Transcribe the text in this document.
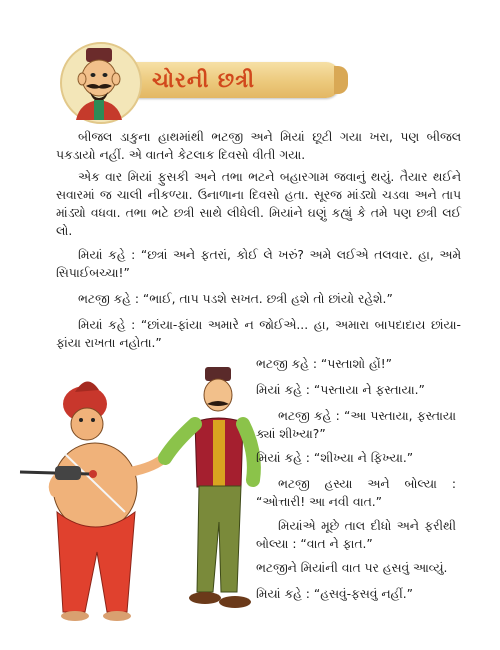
ચોરની છત્રી

બીજલ ડાકુના હાથમાંથી ભટજી અને મિયાં છૂટી ગયા ખરા, પણ બીજલ પકડાયો નહીં. એ વાતને કેટલાક દિવસો વીતી ગયા.

એક વાર મિયાં ફુસકી અને તભા ભટને બહારગામ જવાનું થયું. તૈયાર થઈને સવારમાં જ ચાલી નીકળ્યા. ઉનાળાના દિવસો હતા. સૂરજ માંડ્યો ચડવા અને તાપ માંડ્યો વધવા. તભા ભટે છત્રી સાથે લીધેલી. મિયાંને ઘણું કહ્યું કે તમે પણ છત્રી લઈ લો.

મિયાં કહે : “છત્રાં અને ફતરાં, કોઈ લે ખરું? અમે લઈએ તલવાર. હા, અમે સિપાઈબચ્ચા!”

ભટજી કહે : “ભાઈ, તાપ પડશે સખત. છત્રી હશે તો છાંયો રહેશે.”

મિયાં કહે : “છાંયા-ફાંયા અમારે ન જોઈએ... હા, અમારા બાપદાદાય છાંયા-ફાંયા રાખતા નહોતા.”

ભટજી કહે : “પસ્તાશો હોં!”

મિયાં કહે : “પસ્તાયા ને ફસ્તાયા.”

ભટજી કહે : “આ પસ્તાયા, ફસ્તાયા ક્યાં શીખ્યા?”

મિયાં કહે : “શીખ્યા ને ફિખ્યા.”

ભટજી હસ્યા અને બોલ્યા : “ઓત્તારી! આ નવી વાત.”

મિયાંએ મૂછે તાલ દીધો અને ફરીથી બોલ્યા : “વાત ને ફાત.”

ભટજીને મિયાંની વાત પર હસવું આવ્યું.

મિયાં કહે : “હસવું-ફસવું નહીં.”
